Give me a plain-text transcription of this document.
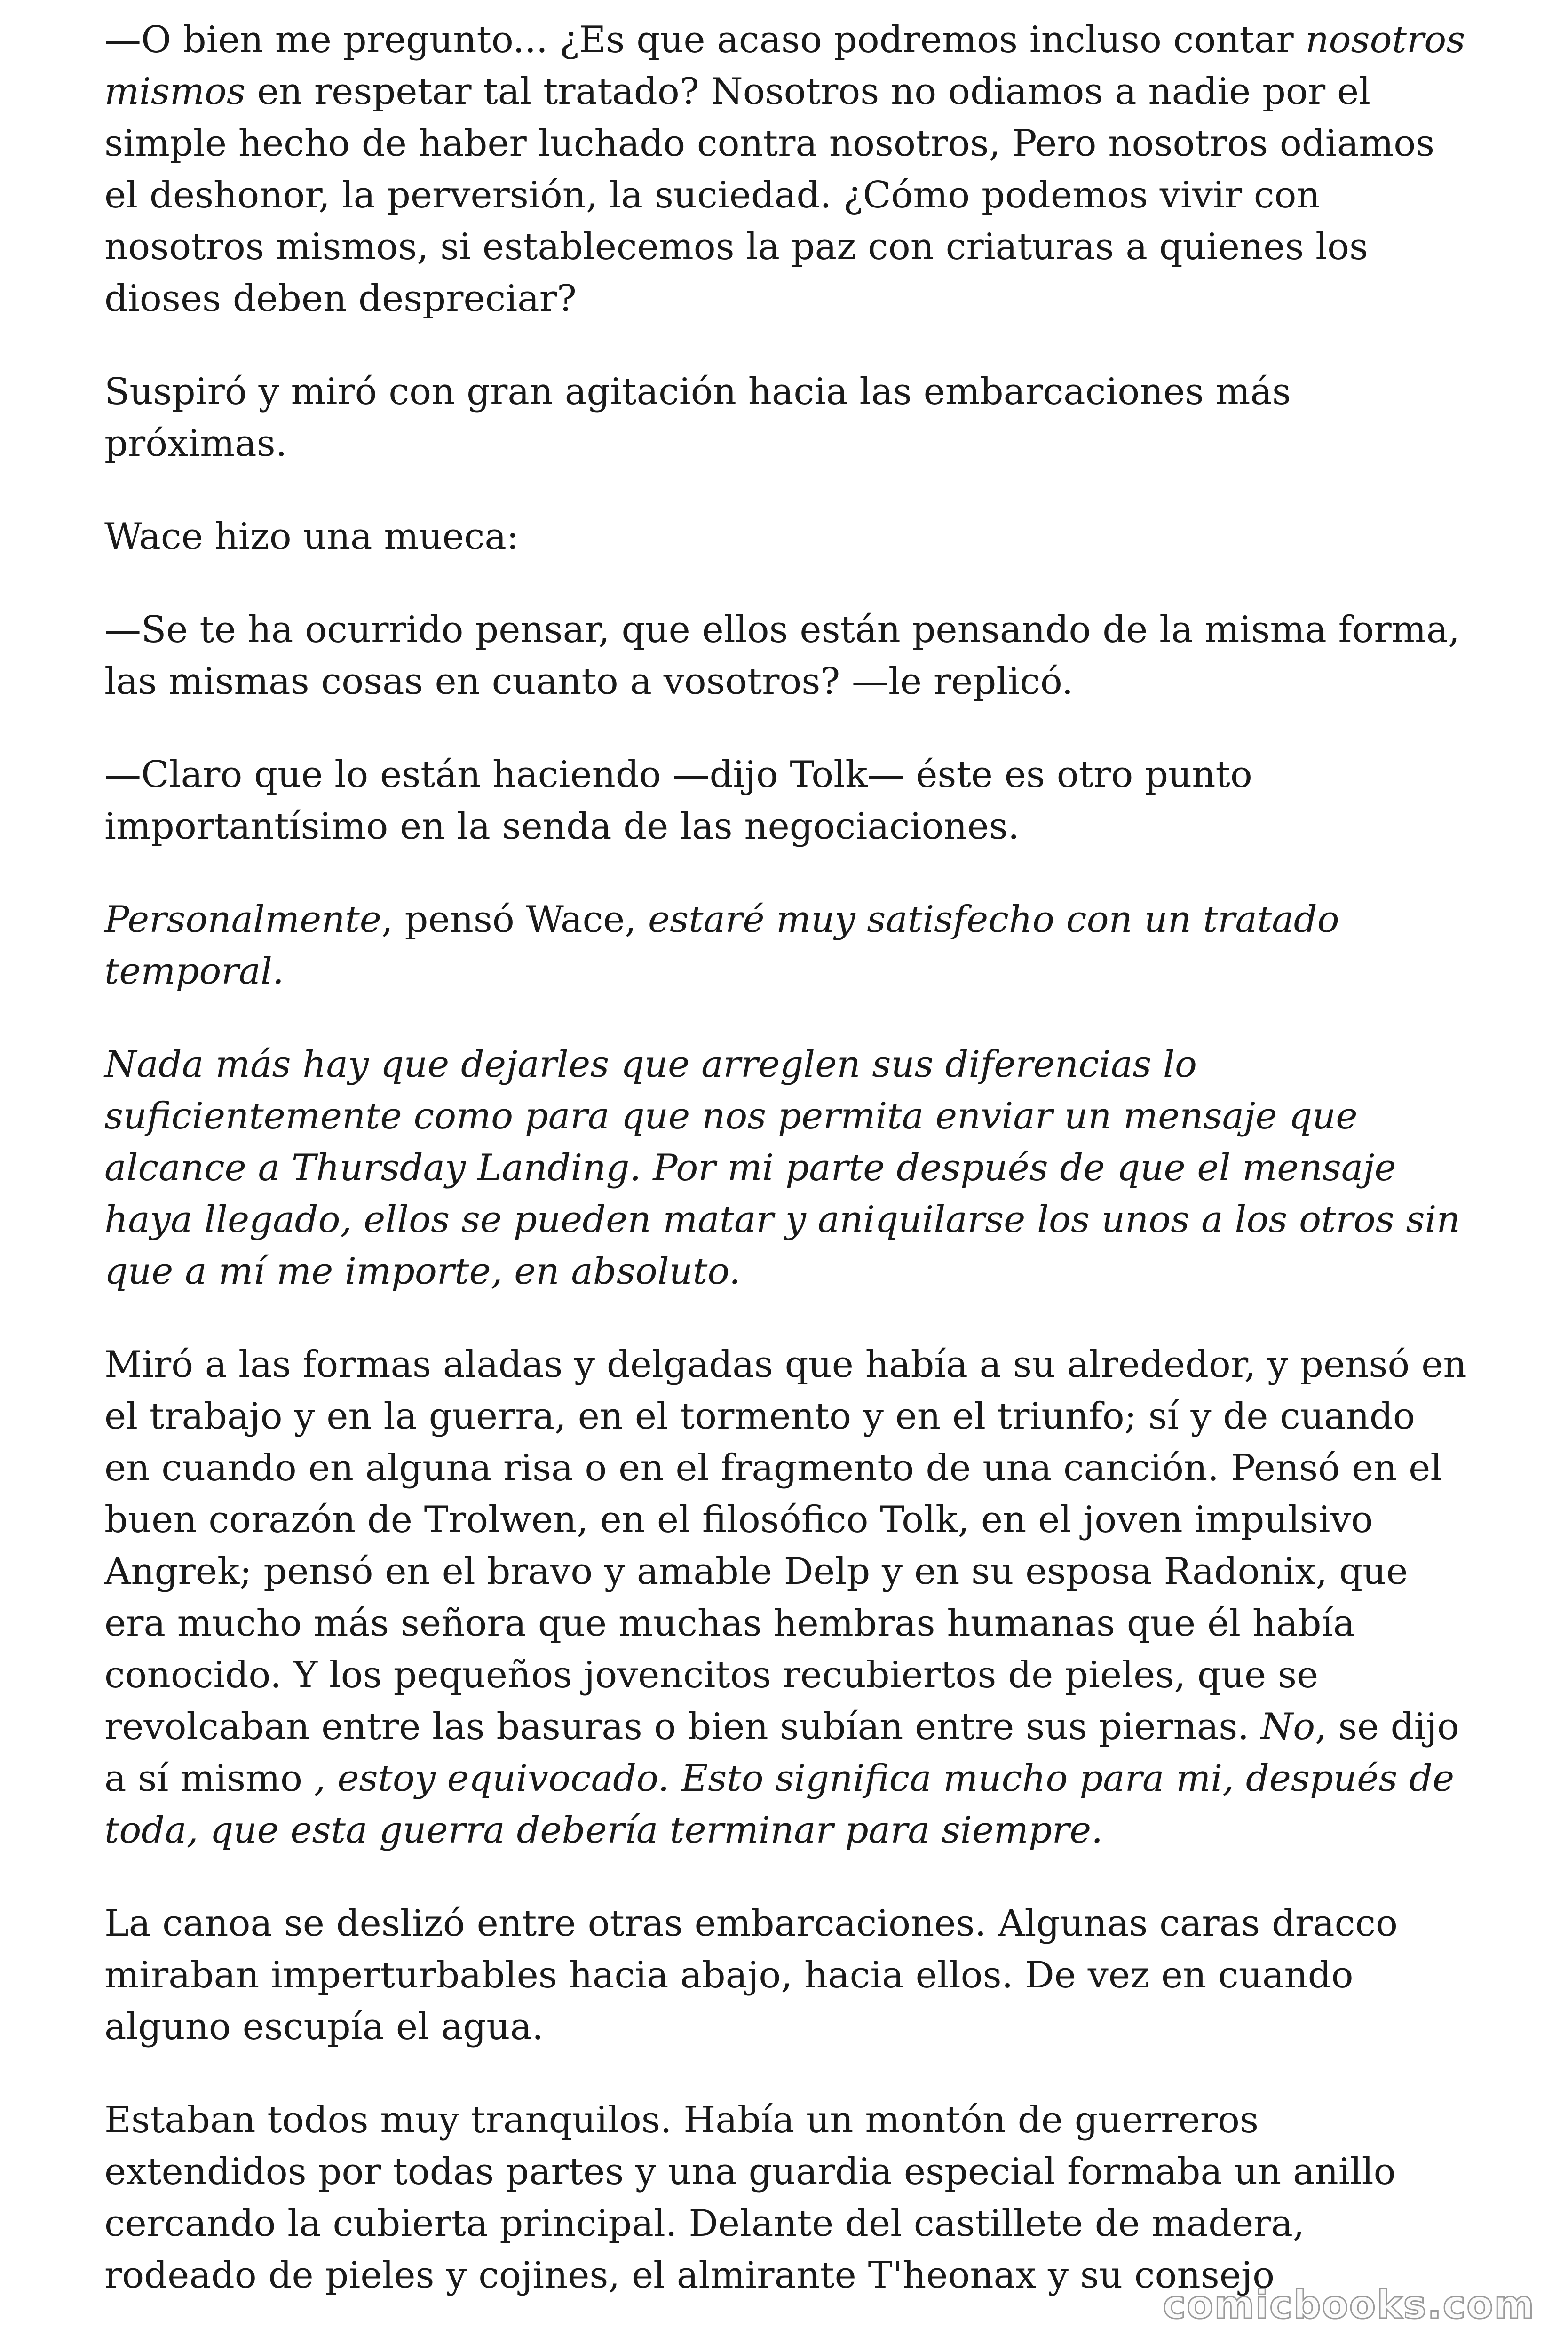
—O bien me pregunto... ¿Es que acaso podremos incluso contar nosotros mismos en respetar tal tratado? Nosotros no odiamos a nadie por el simple hecho de haber luchado contra nosotros, Pero nosotros odiamos el deshonor, la perversión, la suciedad. ¿Cómo podemos vivir con nosotros mismos, si establecemos la paz con criaturas a quienes los dioses deben despreciar?

Suspiró y miró con gran agitación hacia las embarcaciones más próximas.

Wace hizo una mueca:

—Se te ha ocurrido pensar, que ellos están pensando de la misma forma, las mismas cosas en cuanto a vosotros? —le replicó.

—Claro que lo están haciendo —dijo Tolk— éste es otro punto importantísimo en la senda de las negociaciones.

Personalmente, pensó Wace, estaré muy satisfecho con un tratado temporal.

Nada más hay que dejarles que arreglen sus diferencias lo suficientemente como para que nos permita enviar un mensaje que alcance a Thursday Landing. Por mi parte después de que el mensaje haya llegado, ellos se pueden matar y aniquilarse los unos a los otros sin que a mí me importe, en absoluto.

Miró a las formas aladas y delgadas que había a su alrededor, y pensó en el trabajo y en la guerra, en el tormento y en el triunfo; sí y de cuando en cuando en alguna risa o en el fragmento de una canción. Pensó en el buen corazón de Trolwen, en el filosófico Tolk, en el joven impulsivo Angrek; pensó en el bravo y amable Delp y en su esposa Radonix, que era mucho más señora que muchas hembras humanas que él había conocido. Y los pequeños jovencitos recubiertos de pieles, que se revolcaban entre las basuras o bien subían entre sus piernas. No, se dijo a sí mismo , estoy equivocado. Esto significa mucho para mi, después de toda, que esta guerra debería terminar para siempre.

La canoa se deslizó entre otras embarcaciones. Algunas caras dracco miraban imperturbables hacia abajo, hacia ellos. De vez en cuando alguno escupía el agua.

Estaban todos muy tranquilos. Había un montón de guerreros extendidos por todas partes y una guardia especial formaba un anillo cercando la cubierta principal. Delante del castillete de madera, rodeado de pieles y cojines, el almirante T'heonax y su consejo

comicbooks.com
